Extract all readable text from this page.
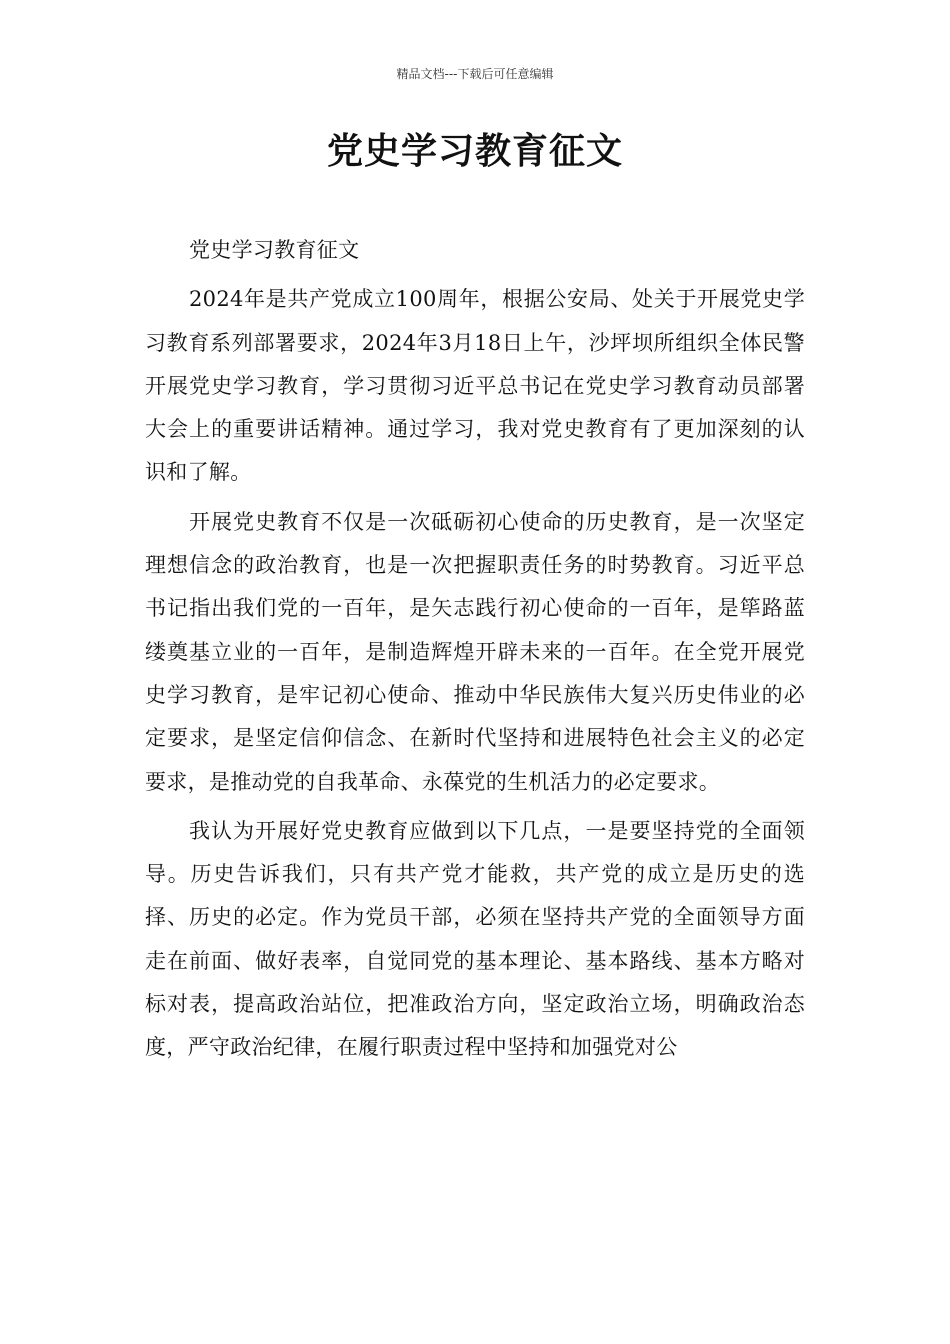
精品文档---下载后可任意编辑
党史学习教育征文

党史学习教育征文

2024年是共产党成立100周年，根据公安局、处关于开展党史学习教育系列部署要求，2024年3月18日上午，沙坪坝所组织全体民警开展党史学习教育，学习贯彻习近平总书记在党史学习教育动员部署大会上的重要讲话精神。通过学习，我对党史教育有了更加深刻的认识和了解。

开展党史教育不仅是一次砥砺初心使命的历史教育，是一次坚定理想信念的政治教育，也是一次把握职责任务的时势教育。习近平总书记指出我们党的一百年，是矢志践行初心使命的一百年，是筚路蓝缕奠基立业的一百年，是制造辉煌开辟未来的一百年。在全党开展党史学习教育，是牢记初心使命、推动中华民族伟大复兴历史伟业的必定要求，是坚定信仰信念、在新时代坚持和进展特色社会主义的必定要求，是推动党的自我革命、永葆党的生机活力的必定要求。

我认为开展好党史教育应做到以下几点，一是要坚持党的全面领导。历史告诉我们，只有共产党才能救，共产党的成立是历史的选择、历史的必定。作为党员干部，必须在坚持共产党的全面领导方面走在前面、做好表率，自觉同党的基本理论、基本路线、基本方略对标对表，提高政治站位，把准政治方向，坚定政治立场，明确政治态度，严守政治纪律，在履行职责过程中坚持和加强党对公
